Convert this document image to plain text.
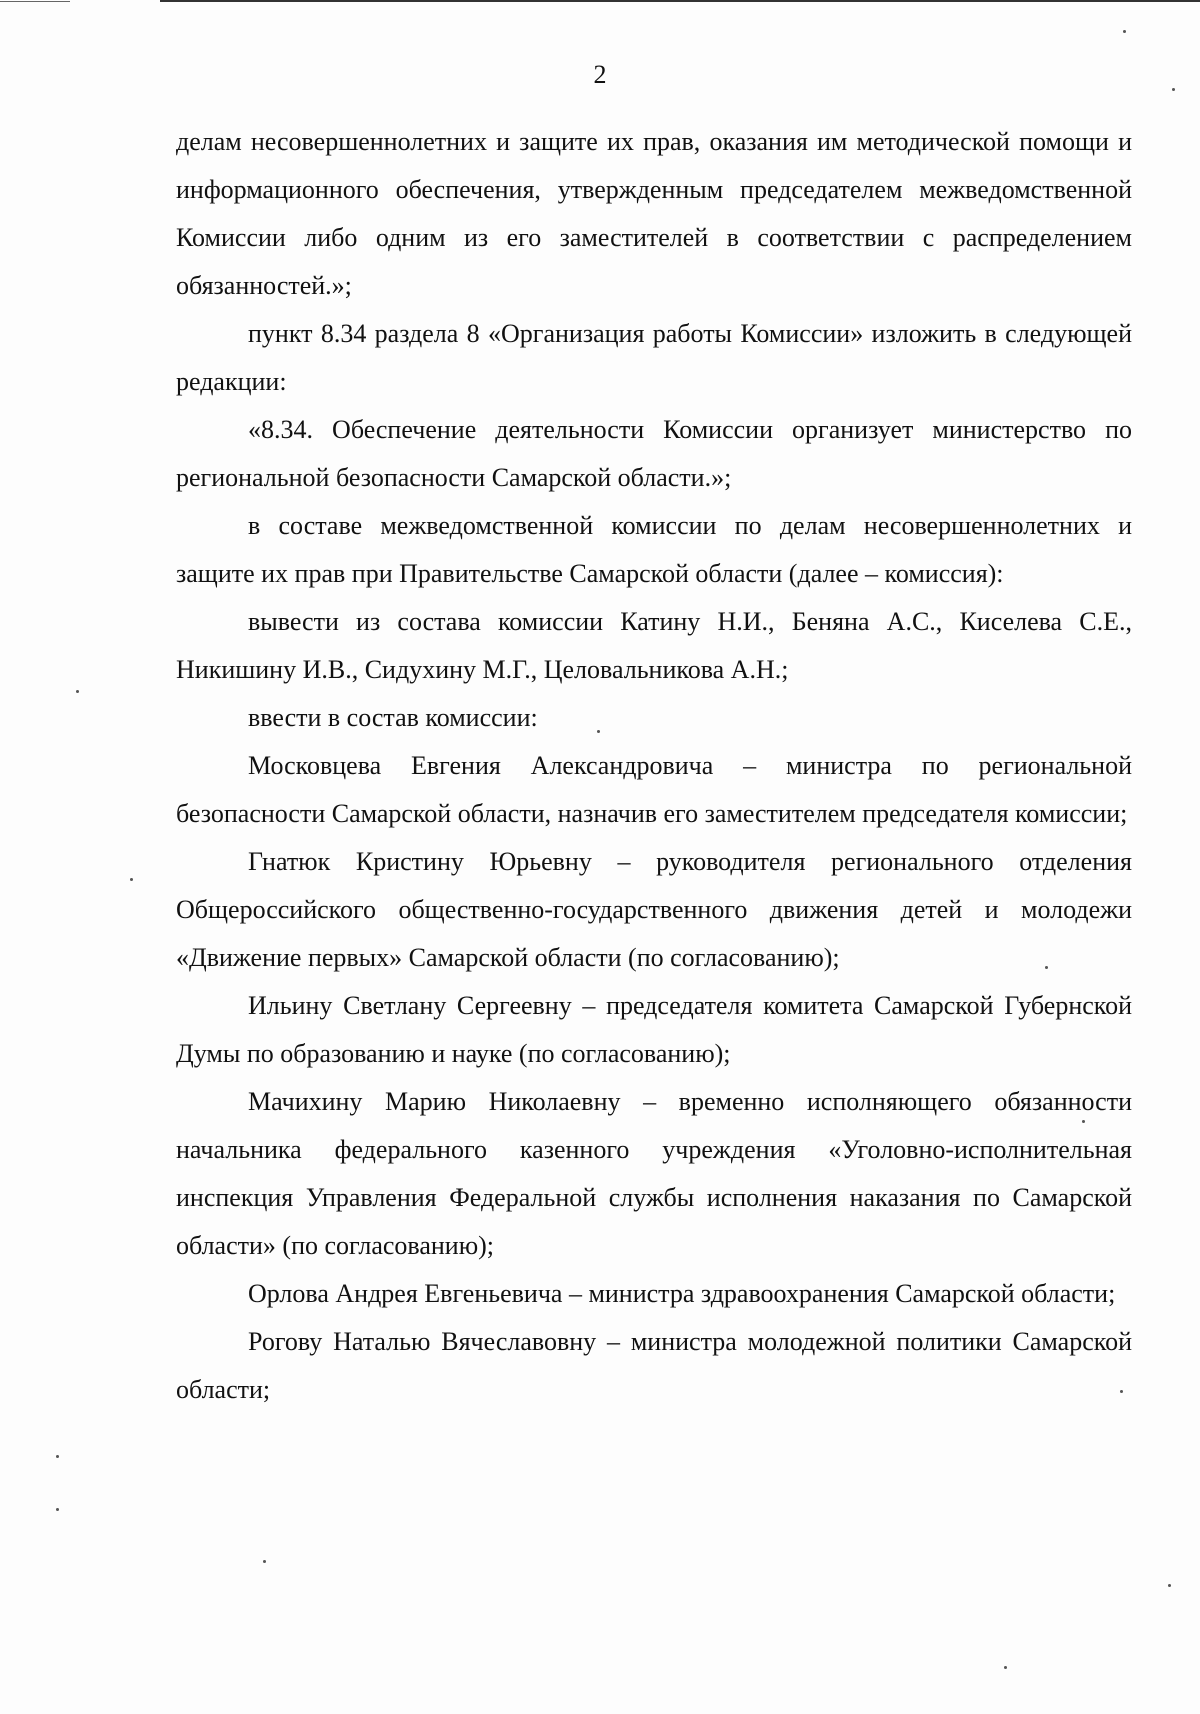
2

делам несовершеннолетних и защите их прав, оказания им методической помощи и информационного обеспечения, утвержденным председателем межведомственной Комиссии либо одним из его заместителей в соответствии с распределением обязанностей.»;

пункт 8.34 раздела 8 «Организация работы Комиссии» изложить в следующей редакции:

«8.34. Обеспечение деятельности Комиссии организует министерство по региональной безопасности Самарской области.»;

в составе межведомственной комиссии по делам несовершеннолетних и защите их прав при Правительстве Самарской области (далее – комиссия):

вывести из состава комиссии Катину Н.И., Беняна А.С., Киселева С.Е., Никишину И.В., Сидухину М.Г., Целовальникова А.Н.;

ввести в состав комиссии:

Московцева Евгения Александровича – министра по региональной безопасности Самарской области, назначив его заместителем председателя комиссии;

Гнатюк Кристину Юрьевну – руководителя регионального отделения Общероссийского общественно-государственного движения детей и молодежи «Движение первых» Самарской области (по согласованию);

Ильину Светлану Сергеевну – председателя комитета Самарской Губернской Думы по образованию и науке (по согласованию);

Мачихину Марию Николаевну – временно исполняющего обязанности начальника федерального казенного учреждения «Уголовно-исполнительная инспекция Управления Федеральной службы исполнения наказания по Самарской области» (по согласованию);

Орлова Андрея Евгеньевича – министра здравоохранения Самарской области;

Рогову Наталью Вячеславовну – министра молодежной политики Самарской области;
